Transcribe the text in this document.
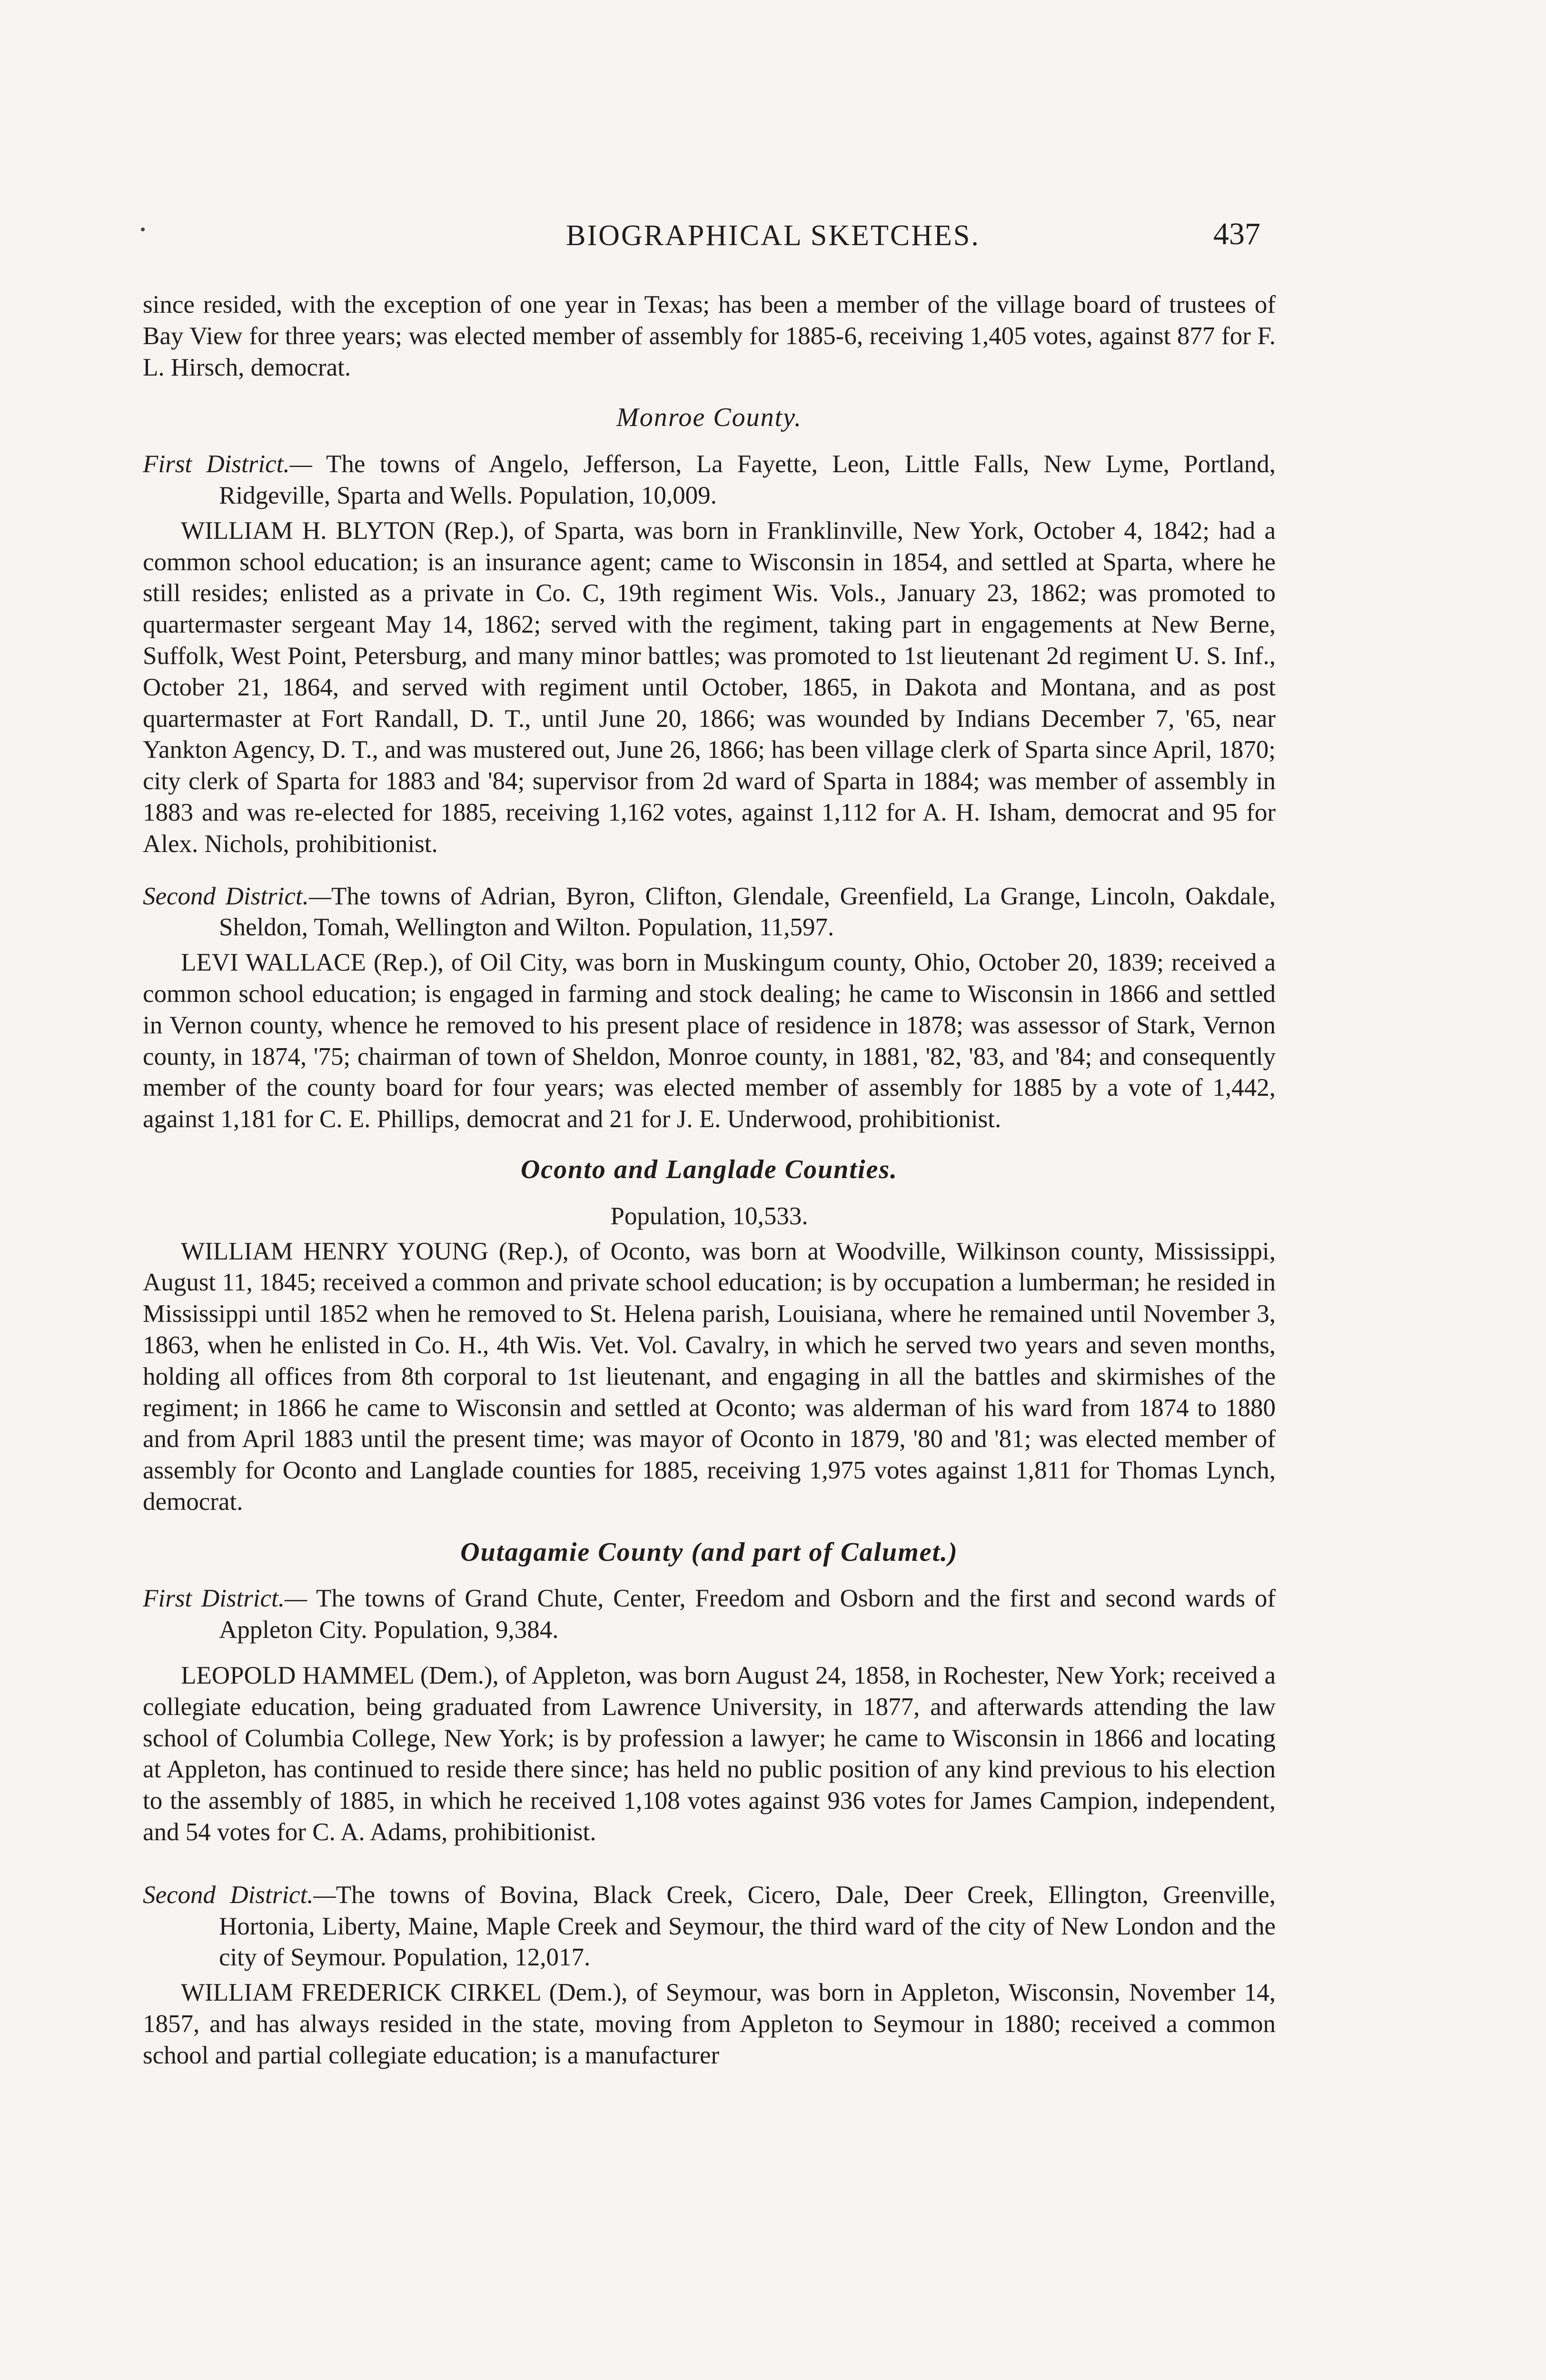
BIOGRAPHICAL SKETCHES.	437

since resided, with the exception of one year in Texas; has been a member of the village board of trustees of Bay View for three years; was elected member of assembly for 1885-6, receiving 1,405 votes, against 877 for F. L. Hirsch, democrat.

Monroe County.

First District.— The towns of Angelo, Jefferson, La Fayette, Leon, Little Falls, New Lyme, Portland, Ridgeville, Sparta and Wells. Population, 10,009.

WILLIAM H. BLYTON (Rep.), of Sparta, was born in Franklinville, New York, October 4, 1842; had a common school education; is an insurance agent; came to Wisconsin in 1854, and settled at Sparta, where he still resides; enlisted as a private in Co. C, 19th regiment Wis. Vols., January 23, 1862; was promoted to quartermaster sergeant May 14, 1862; served with the regiment, taking part in engagements at New Berne, Suffolk, West Point, Petersburg, and many minor battles; was promoted to 1st lieutenant 2d regiment U. S. Inf., October 21, 1864, and served with regiment until October, 1865, in Dakota and Montana, and as post quartermaster at Fort Randall, D. T., until June 20, 1866; was wounded by Indians December 7, '65, near Yankton Agency, D. T., and was mustered out, June 26, 1866; has been village clerk of Sparta since April, 1870; city clerk of Sparta for 1883 and '84; supervisor from 2d ward of Sparta in 1884; was member of assembly in 1883 and was re-elected for 1885, receiving 1,162 votes, against 1,112 for A. H. Isham, democrat and 95 for Alex. Nichols, prohibitionist.

Second District.—The towns of Adrian, Byron, Clifton, Glendale, Greenfield, La Grange, Lincoln, Oakdale, Sheldon, Tomah, Wellington and Wilton. Population, 11,597.

LEVI WALLACE (Rep.), of Oil City, was born in Muskingum county, Ohio, October 20, 1839; received a common school education; is engaged in farming and stock dealing; he came to Wisconsin in 1866 and settled in Vernon county, whence he removed to his present place of residence in 1878; was assessor of Stark, Vernon county, in 1874, '75; chairman of town of Sheldon, Monroe county, in 1881, '82, '83, and '84; and consequently member of the county board for four years; was elected member of assembly for 1885 by a vote of 1,442, against 1,181 for C. E. Phillips, democrat and 21 for J. E. Underwood, prohibitionist.

Oconto and Langlade Counties.

Population, 10,533.

WILLIAM HENRY YOUNG (Rep.), of Oconto, was born at Woodville, Wilkinson county, Mississippi, August 11, 1845; received a common and private school education; is by occupation a lumberman; he resided in Mississippi until 1852 when he removed to St. Helena parish, Louisiana, where he remained until November 3, 1863, when he enlisted in Co. H., 4th Wis. Vet. Vol. Cavalry, in which he served two years and seven months, holding all offices from 8th corporal to 1st lieutenant, and engaging in all the battles and skirmishes of the regiment; in 1866 he came to Wisconsin and settled at Oconto; was alderman of his ward from 1874 to 1880 and from April 1883 until the present time; was mayor of Oconto in 1879, '80 and '81; was elected member of assembly for Oconto and Langlade counties for 1885, receiving 1,975 votes against 1,811 for Thomas Lynch, democrat.

Outagamie County (and part of Calumet.)

First District.— The towns of Grand Chute, Center, Freedom and Osborn and the first and second wards of Appleton City. Population, 9,384.

LEOPOLD HAMMEL (Dem.), of Appleton, was born August 24, 1858, in Rochester, New York; received a collegiate education, being graduated from Lawrence University, in 1877, and afterwards attending the law school of Columbia College, New York; is by profession a lawyer; he came to Wisconsin in 1866 and locating at Appleton, has continued to reside there since; has held no public position of any kind previous to his election to the assembly of 1885, in which he received 1,108 votes against 936 votes for James Campion, independent, and 54 votes for C. A. Adams, prohibitionist.

Second District.—The towns of Bovina, Black Creek, Cicero, Dale, Deer Creek, Ellington, Greenville, Hortonia, Liberty, Maine, Maple Creek and Seymour, the third ward of the city of New London and the city of Seymour. Population, 12,017.

WILLIAM FREDERICK CIRKEL (Dem.), of Seymour, was born in Appleton, Wisconsin, November 14, 1857, and has always resided in the state, moving from Appleton to Seymour in 1880; received a common school and partial collegiate education; is a manufacturer
